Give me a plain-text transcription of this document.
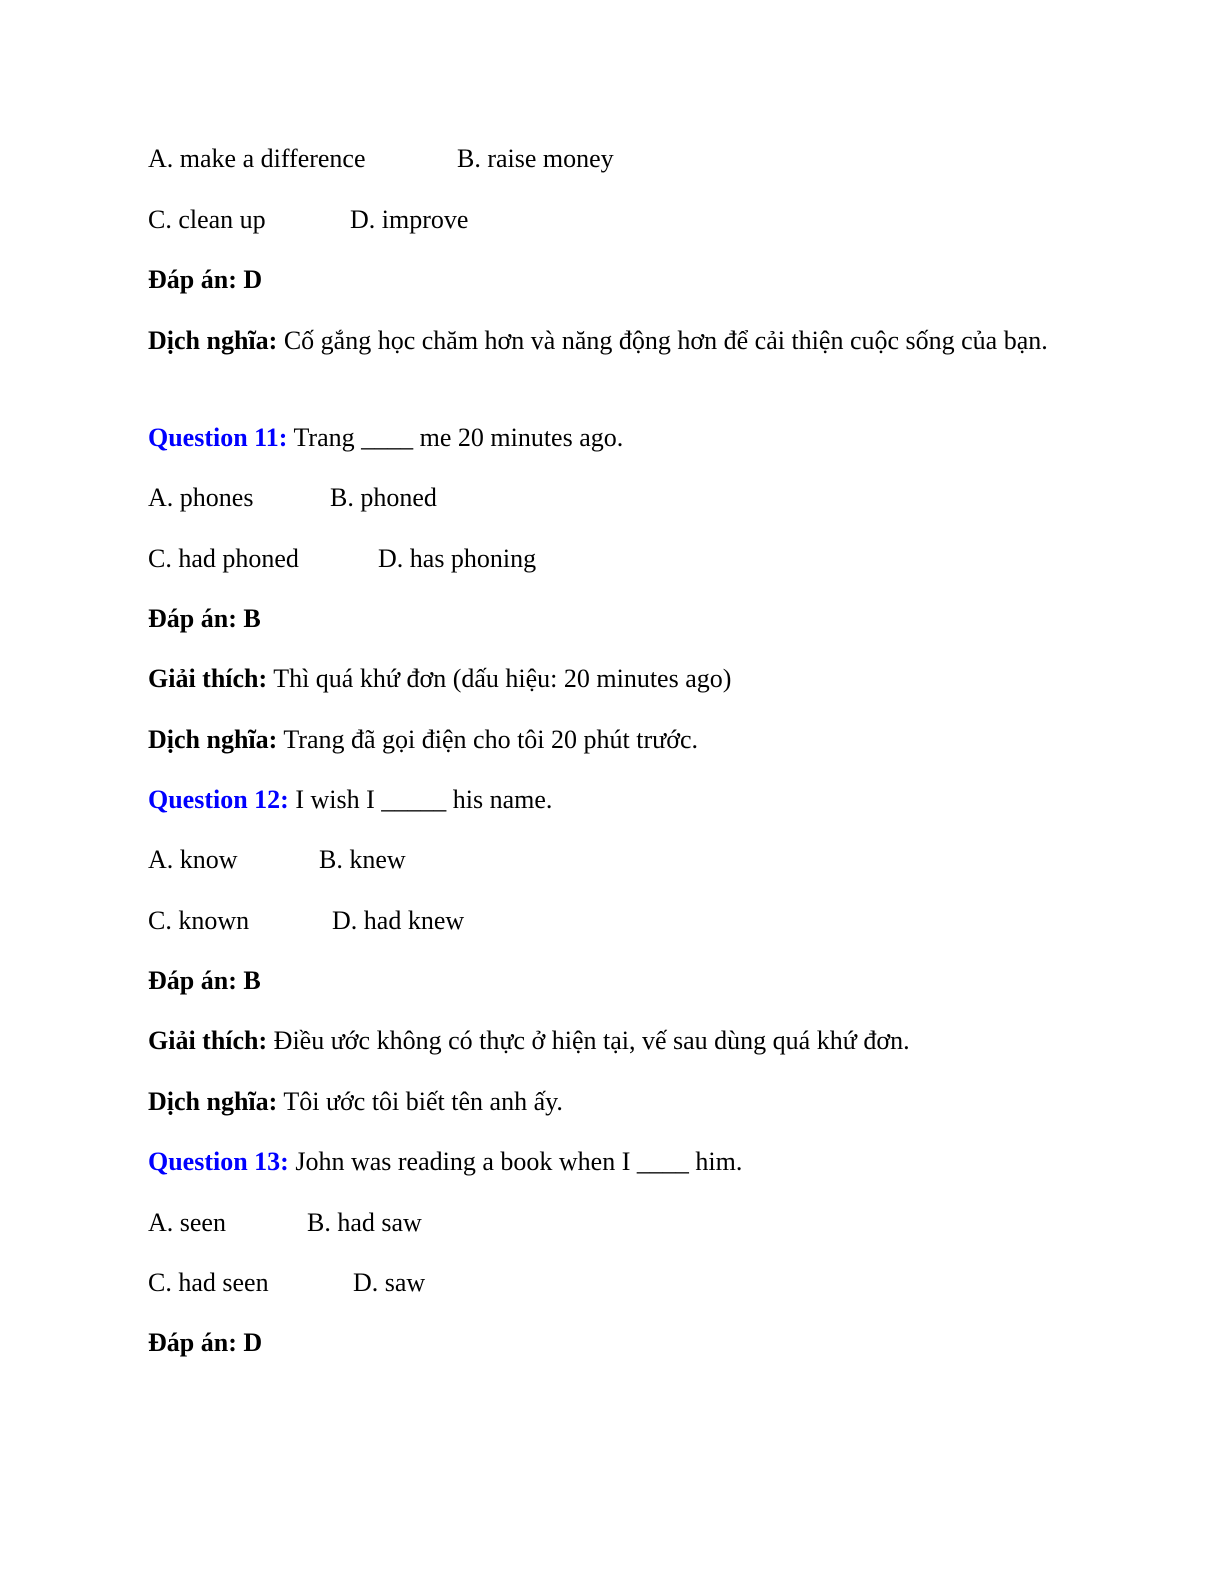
A. make a difference	B. raise money
C. clean up	D. improve
Đáp án: D
Dịch nghĩa: Cố gắng học chăm hơn và năng động hơn để cải thiện cuộc sống của bạn.
Question 11: Trang ____ me 20 minutes ago.
A. phones	B. phoned
C. had phoned	D. has phoning
Đáp án: B
Giải thích: Thì quá khứ đơn (dấu hiệu: 20 minutes ago)
Dịch nghĩa: Trang đã gọi điện cho tôi 20 phút trước.
Question 12: I wish I _____ his name.
A. know	B. knew
C. known	D. had knew
Đáp án: B
Giải thích: Điều ước không có thực ở hiện tại, vế sau dùng quá khứ đơn.
Dịch nghĩa: Tôi ước tôi biết tên anh ấy.
Question 13: John was reading a book when I ____ him.
A. seen	B. had saw
C. had seen	D. saw
Đáp án: D
